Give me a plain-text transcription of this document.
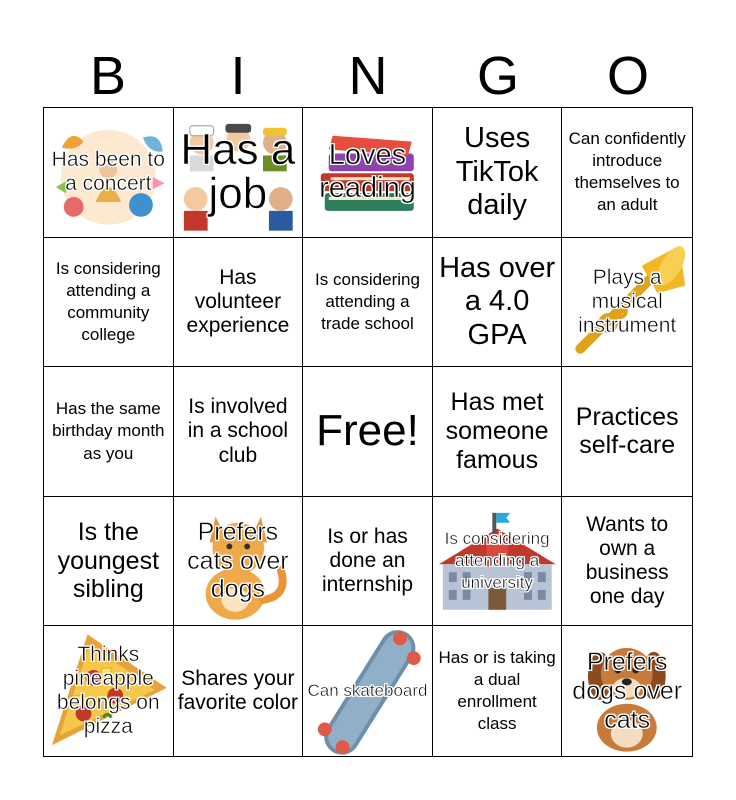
B	I	N	G	O
Has been to a concert
Has a job
Loves reading
Uses TikTok daily
Can confidently introduce themselves to an adult
Is considering attending a community college
Has volunteer experience
Is considering attending a trade school
Has over a 4.0 GPA
Plays a musical instrument
Has the same birthday month as you
Is involved in a school club	Free!
Has met someone famous
Practices self-care
Is the youngest sibling
Prefers cats over dogs
Is or has done an internship
Is considering attending a university
Wants to own a business one day
Thinks pineapple belongs on pizza
Shares your favorite color
Can skateboard
Has or is taking a dual enrollment class
Prefers dogs over cats
